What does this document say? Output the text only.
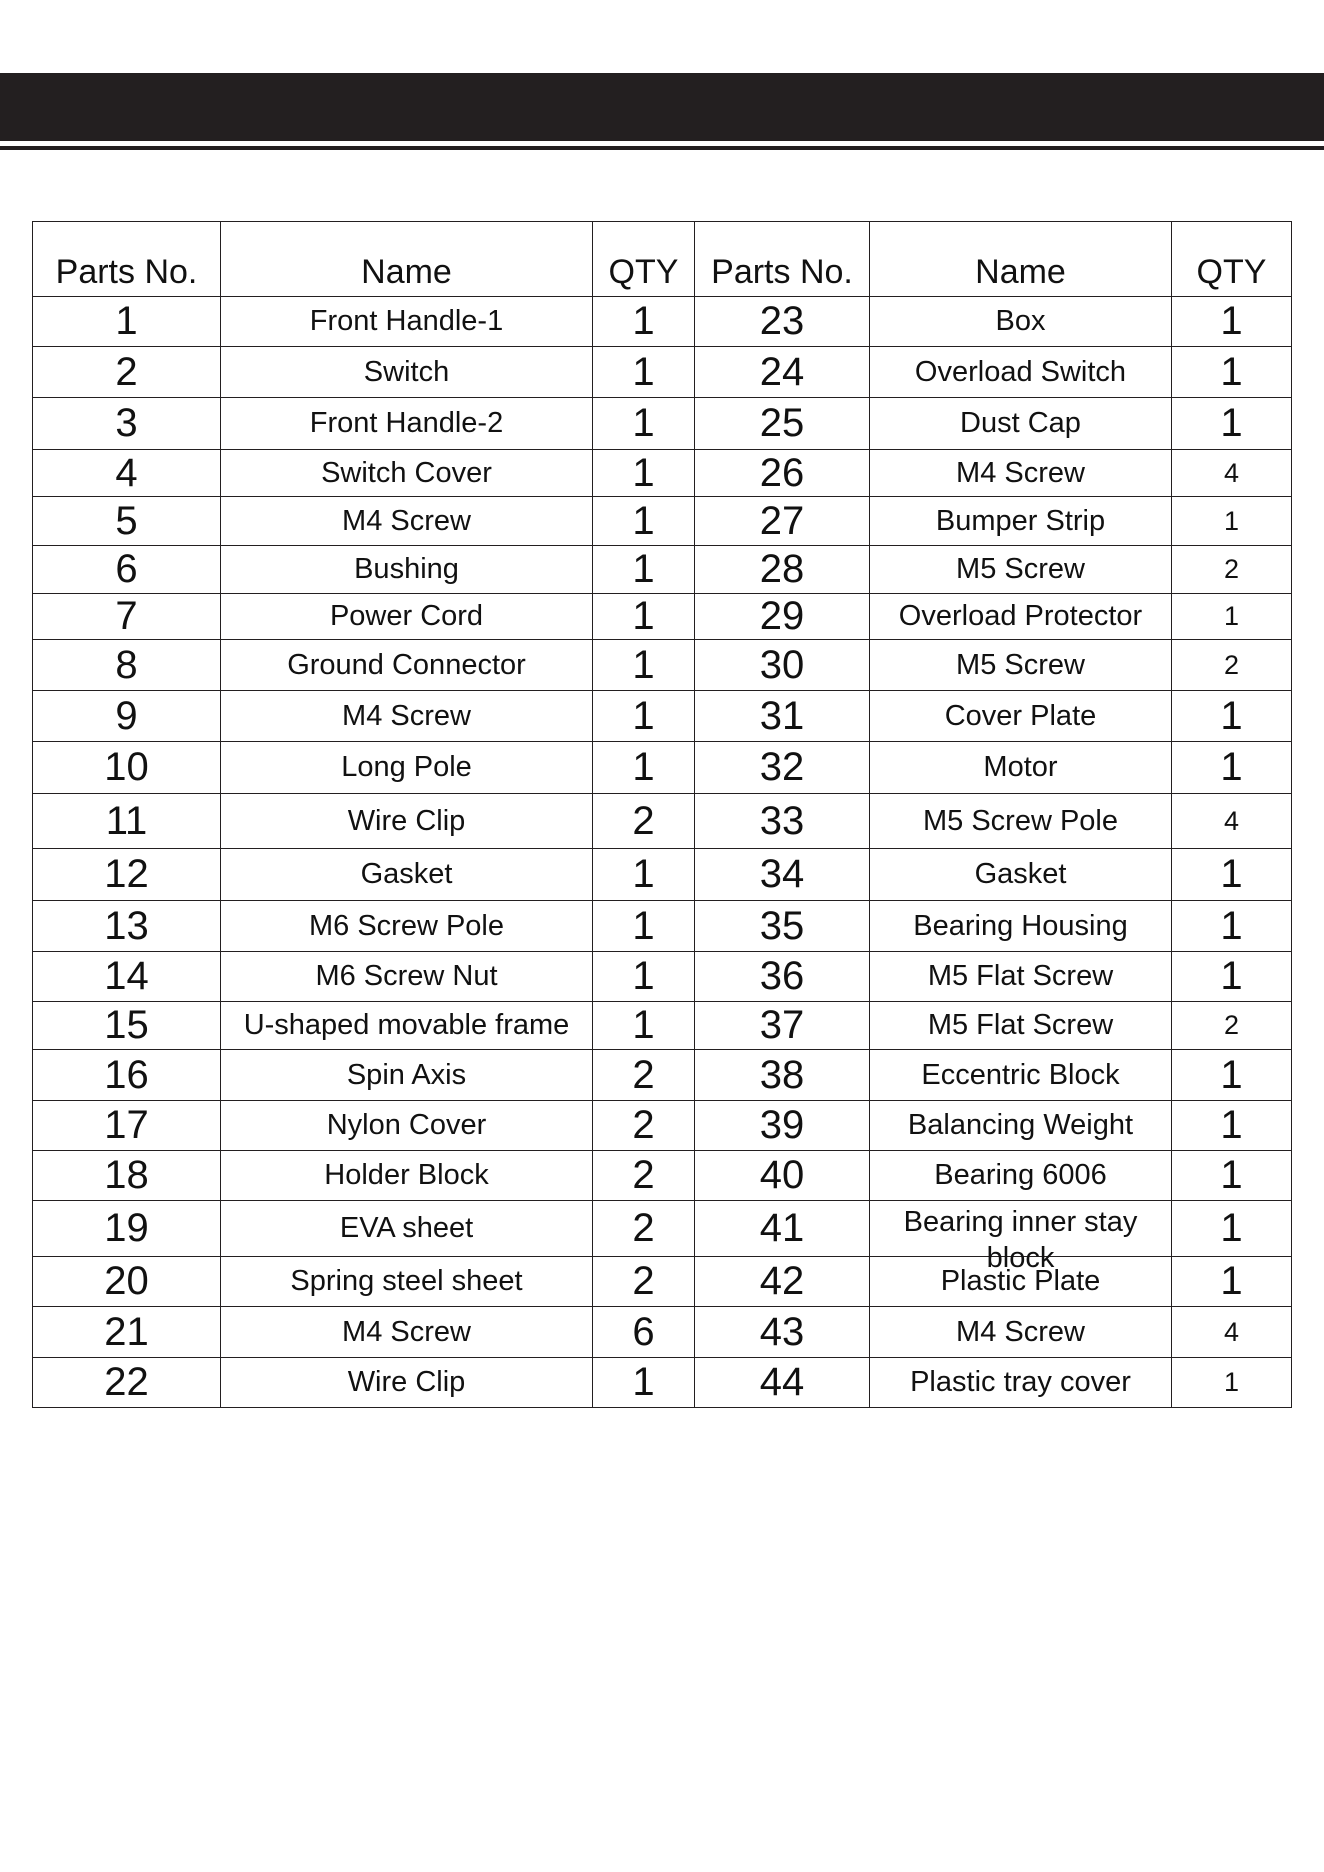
Parts No.	Name	QTY	Parts No.	Name	QTY
1	Front Handle-1	1	23	Box	1
2	Switch	1	24	Overload Switch	1
3	Front Handle-2	1	25	Dust Cap	1
4	Switch Cover	1	26	M4 Screw	4
5	M4 Screw	1	27	Bumper Strip	1
6	Bushing	1	28	M5 Screw	2
7	Power Cord	1	29	Overload Protector	1
8	Ground Connector	1	30	M5 Screw	2
9	M4 Screw	1	31	Cover Plate	1
10	Long Pole	1	32	Motor	1
11	Wire Clip	2	33	M5 Screw Pole	4
12	Gasket	1	34	Gasket	1
13	M6 Screw Pole	1	35	Bearing Housing	1
14	M6 Screw Nut	1	36	M5 Flat Screw	1
15	U-shaped movable frame	1	37	M5 Flat Screw	2
16	Spin Axis	2	38	Eccentric Block	1
17	Nylon Cover	2	39	Balancing Weight	1
18	Holder Block	2	40	Bearing 6006	1
19	EVA sheet	2	41	Bearing inner stay block	1
20	Spring steel sheet	2	42	Plastic Plate	1
21	M4 Screw	6	43	M4 Screw	4
22	Wire Clip	1	44	Plastic tray cover	1
